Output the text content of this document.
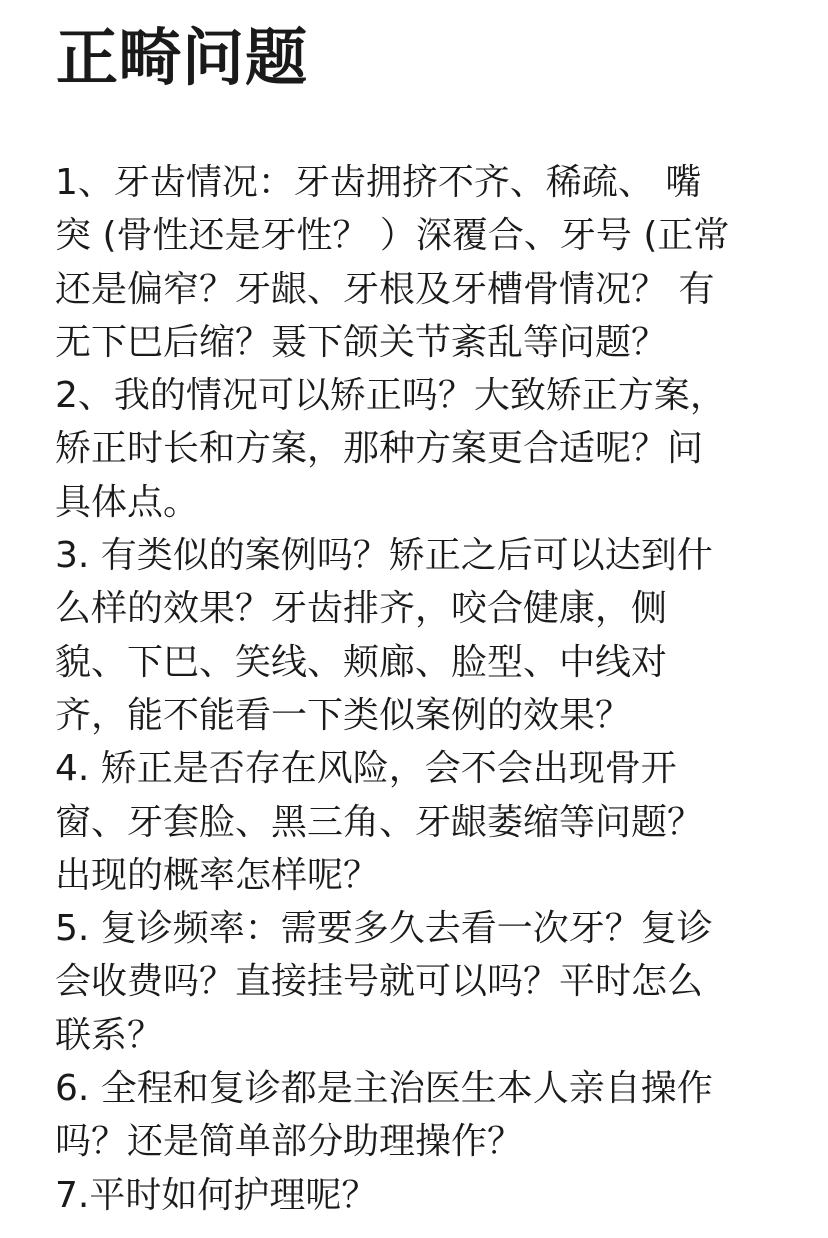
正畸问题
1、牙齿情况：牙齿拥挤不齐、稀疏、 嘴
突 (骨性还是牙性？ ）深覆合、牙号 (正常
还是偏窄？牙龈、牙根及牙槽骨情况？ 有
无下巴后缩？聂下颌关节紊乱等问题？
2、我的情况可以矫正吗？大致矫正方案，
矫正时长和方案，那种方案更合适呢？问
具体点。
3. 有类似的案例吗？矫正之后可以达到什
么样的效果？牙齿排齐，咬合健康，侧
貌、下巴、笑线、颊廊、脸型、中线对
齐，能不能看一下类似案例的效果？
4. 矫正是否存在风险，会不会出现骨开
窗、牙套脸、黑三角、牙龈萎缩等问题？
出现的概率怎样呢？
5. 复诊频率：需要多久去看一次牙？复诊
会收费吗？直接挂号就可以吗？平时怎么
联系？
6. 全程和复诊都是主治医生本人亲自操作
吗？还是简单部分助理操作？
7.平时如何护理呢？
